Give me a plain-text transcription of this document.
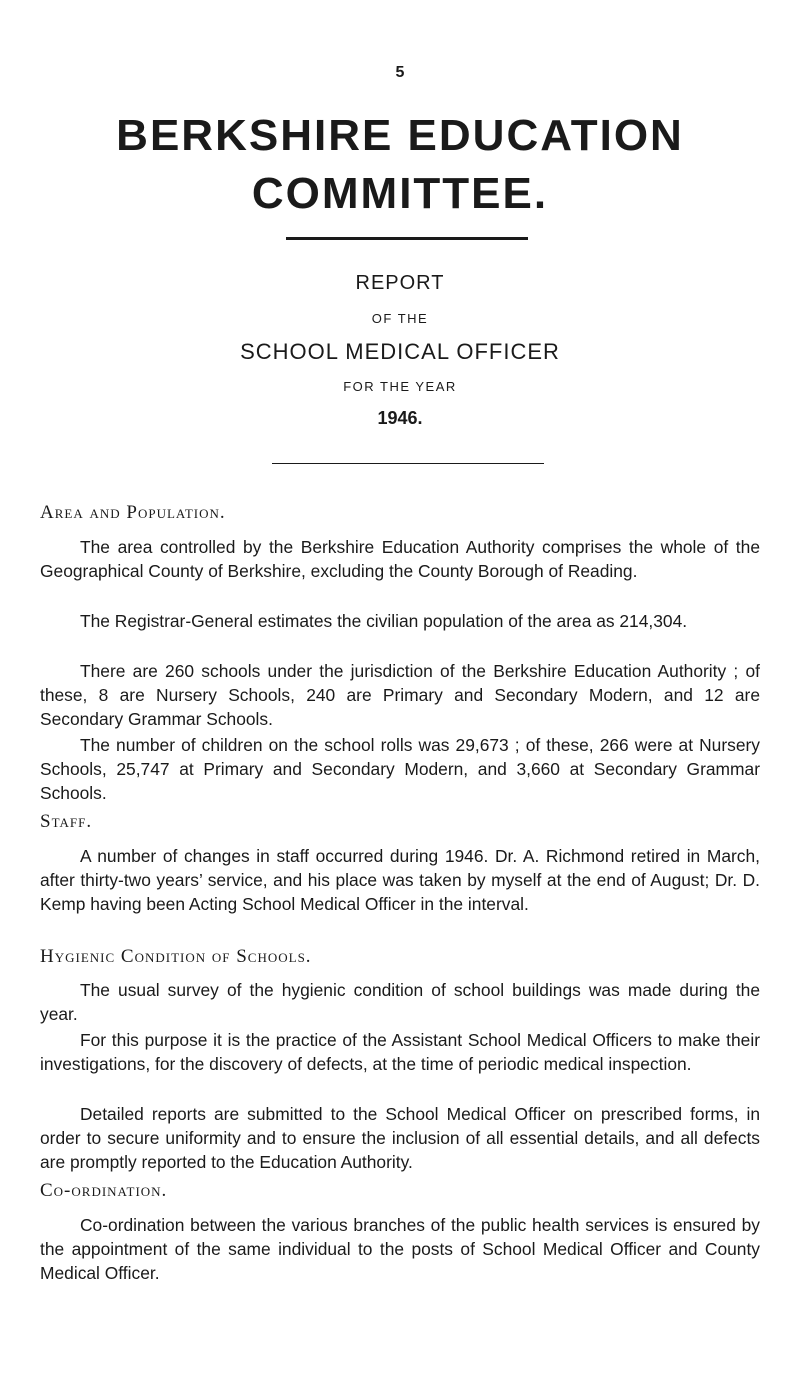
5
BERKSHIRE EDUCATION
COMMITTEE.
REPORT
OF THE
SCHOOL MEDICAL OFFICER
FOR THE YEAR
1946.
Area and Population.

The area controlled by the Berkshire Education Authority comprises the whole of the Geographical County of Berkshire, excluding the County Borough of Reading.

The Registrar-General estimates the civilian population of the area as 214,304.

There are 260 schools under the jurisdiction of the Berkshire Education Authority ; of these, 8 are Nursery Schools, 240 are Primary and Secondary Modern, and 12 are Secondary Grammar Schools.

The number of children on the school rolls was 29,673 ; of these, 266 were at Nursery Schools, 25,747 at Primary and Secondary Modern, and 3,660 at Secondary Grammar Schools.

Staff.

A number of changes in staff occurred during 1946. Dr. A. Richmond retired in March, after thirty-two years’ service, and his place was taken by myself at the end of August; Dr. D. Kemp having been Acting School Medical Officer in the interval.

Hygienic Condition of Schools.

The usual survey of the hygienic condition of school buildings was made during the year.

For this purpose it is the practice of the Assistant School Medical Officers to make their investigations, for the discovery of defects, at the time of periodic medical inspection.

Detailed reports are submitted to the School Medical Officer on prescribed forms, in order to secure uniformity and to ensure the inclusion of all essential details, and all defects are promptly reported to the Education Authority.

Co-ordination.

Co-ordination between the various branches of the public health services is ensured by the appointment of the same individual to the posts of School Medical Officer and County Medical Officer.
